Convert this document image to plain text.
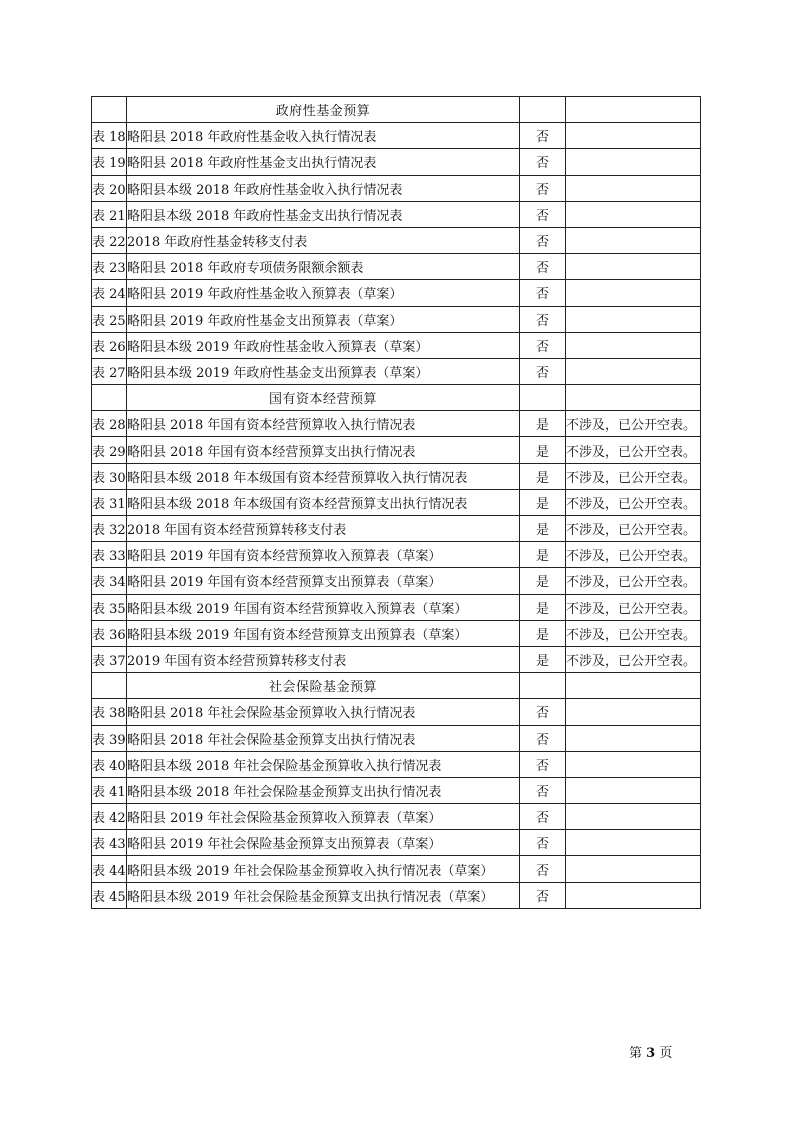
	政府性基金预算		
表 18	略阳县 2018 年政府性基金收入执行情况表	否	
表 19	略阳县 2018 年政府性基金支出执行情况表	否	
表 20	略阳县本级 2018 年政府性基金收入执行情况表	否	
表 21	略阳县本级 2018 年政府性基金支出执行情况表	否	
表 22	2018 年政府性基金转移支付表	否	
表 23	略阳县 2018 年政府专项债务限额余额表	否	
表 24	略阳县 2019 年政府性基金收入预算表（草案）	否	
表 25	略阳县 2019 年政府性基金支出预算表（草案）	否	
表 26	略阳县本级 2019 年政府性基金收入预算表（草案）	否	
表 27	略阳县本级 2019 年政府性基金支出预算表（草案）	否	
	国有资本经营预算		
表 28	略阳县 2018 年国有资本经营预算收入执行情况表	是	不涉及，已公开空表。
表 29	略阳县 2018 年国有资本经营预算支出执行情况表	是	不涉及，已公开空表。
表 30	略阳县本级 2018 年本级国有资本经营预算收入执行情况表	是	不涉及，已公开空表。
表 31	略阳县本级 2018 年本级国有资本经营预算支出执行情况表	是	不涉及，已公开空表。
表 32	2018 年国有资本经营预算转移支付表	是	不涉及，已公开空表。
表 33	略阳县 2019 年国有资本经营预算收入预算表（草案）	是	不涉及，已公开空表。
表 34	略阳县 2019 年国有资本经营预算支出预算表（草案）	是	不涉及，已公开空表。
表 35	略阳县本级 2019 年国有资本经营预算收入预算表（草案）	是	不涉及，已公开空表。
表 36	略阳县本级 2019 年国有资本经营预算支出预算表（草案）	是	不涉及，已公开空表。
表 37	2019 年国有资本经营预算转移支付表	是	不涉及，已公开空表。
	社会保险基金预算		
表 38	略阳县 2018 年社会保险基金预算收入执行情况表	否	
表 39	略阳县 2018 年社会保险基金预算支出执行情况表	否	
表 40	略阳县本级 2018 年社会保险基金预算收入执行情况表	否	
表 41	略阳县本级 2018 年社会保险基金预算支出执行情况表	否	
表 42	略阳县 2019 年社会保险基金预算收入预算表（草案）	否	
表 43	略阳县 2019 年社会保险基金预算支出预算表（草案）	否	
表 44	略阳县本级 2019 年社会保险基金预算收入执行情况表（草案）	否	
表 45	略阳县本级 2019 年社会保险基金预算支出执行情况表（草案）	否	
第 3 页
